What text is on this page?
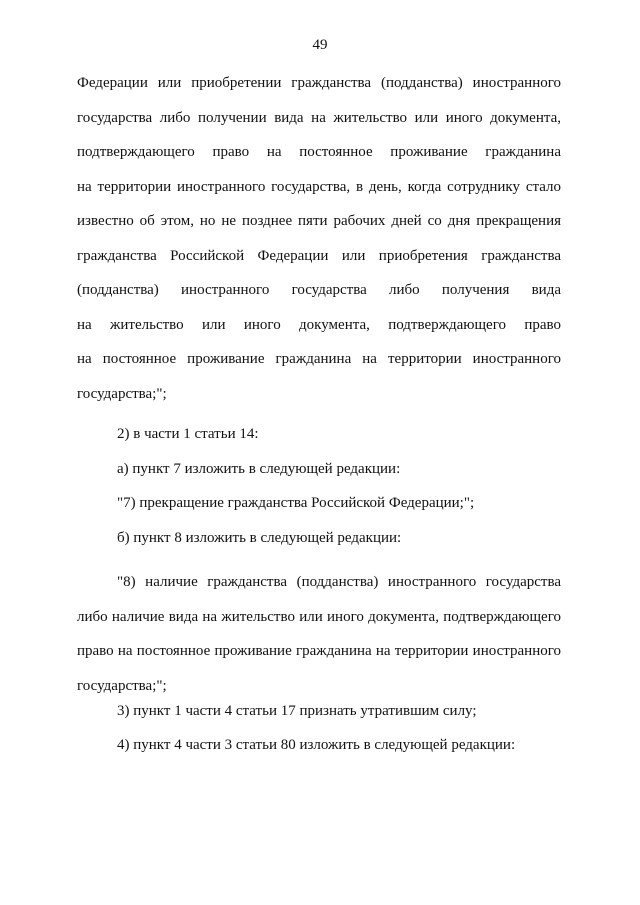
49
Федерации или приобретении гражданства (подданства) иностранного
государства либо получении вида на жительство или иного документа,
подтверждающего право на постоянное проживание гражданина
на территории иностранного государства, в день, когда сотруднику стало
известно об этом, но не позднее пяти рабочих дней со дня прекращения
гражданства Российской Федерации или приобретения гражданства
(подданства) иностранного государства либо получения вида
на жительство или иного документа, подтверждающего право
на постоянное проживание гражданина на территории иностранного
государства;";
2) в части 1 статьи 14:
а) пункт 7 изложить в следующей редакции:
"7) прекращение гражданства Российской Федерации;";
б) пункт 8 изложить в следующей редакции:
"8) наличие гражданства (подданства) иностранного государства
либо наличие вида на жительство или иного документа, подтверждающего
право на постоянное проживание гражданина на территории иностранного
государства;";
3) пункт 1 части 4 статьи 17 признать утратившим силу;
4) пункт 4 части 3 статьи 80 изложить в следующей редакции:
